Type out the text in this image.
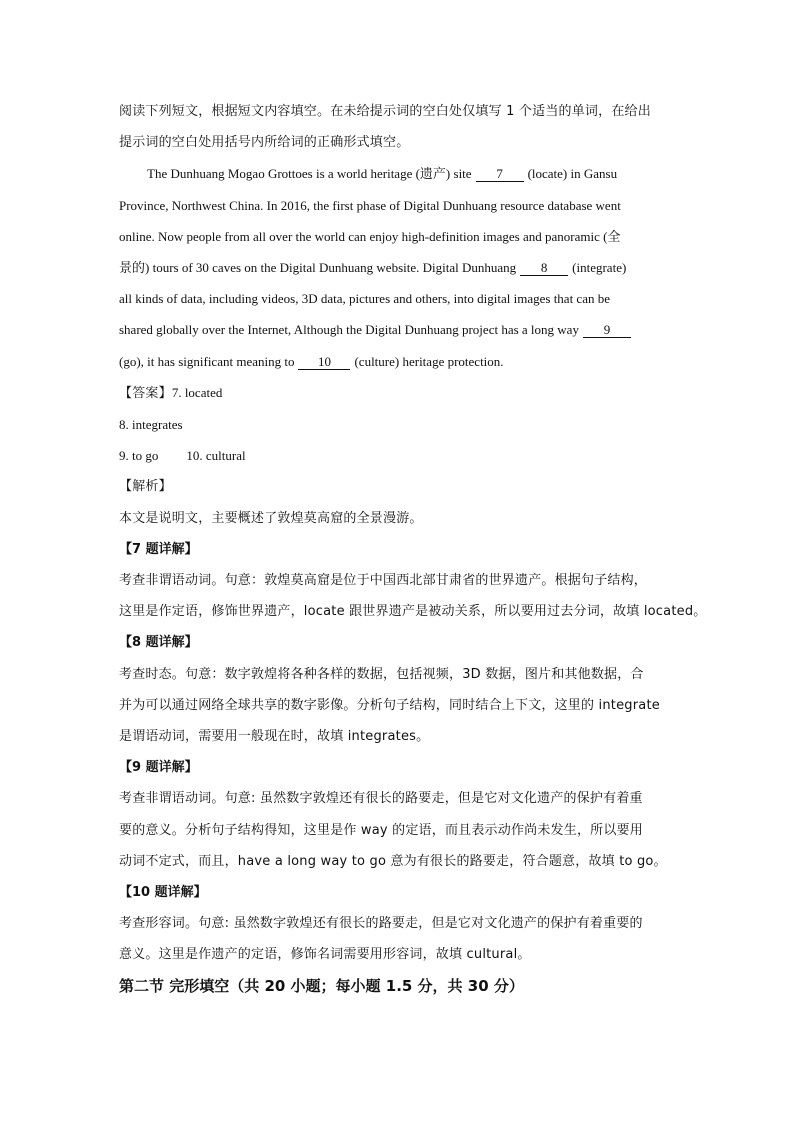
阅读下列短文，根据短文内容填空。在未给提示词的空白处仅填写 1 个适当的单词，在给出
提示词的空白处用括号内所给词的正确形式填空。
The Dunhuang Mogao Grottoes is a world heritage (遗产) site 7 (locate) in Gansu
Province, Northwest China. In 2016, the first phase of Digital Dunhuang resource database went
online. Now people from all over the world can enjoy high-definition images and panoramic (全
景的) tours of 30 caves on the Digital Dunhuang website. Digital Dunhuang 8 (integrate)
all kinds of data, including videos, 3D data, pictures and others, into digital images that can be
shared globally over the Internet, Although the Digital Dunhuang project has a long way 9
(go), it has significant meaning to 10 (culture) heritage protection.
【答案】7. located
8. integrates
9. to go 10. cultural
【解析】
本文是说明文，主要概述了敦煌莫高窟的全景漫游。
【7 题详解】
考查非谓语动词。句意：敦煌莫高窟是位于中国西北部甘肃省的世界遗产。根据句子结构，
这里是作定语，修饰世界遗产，locate 跟世界遗产是被动关系，所以要用过去分词，故填 located。
【8 题详解】
考查时态。句意：数字敦煌将各种各样的数据，包括视频，3D 数据，图片和其他数据，合
并为可以通过网络全球共享的数字影像。分析句子结构，同时结合上下文，这里的 integrate
是谓语动词，需要用一般现在时，故填 integrates。
【9 题详解】
考查非谓语动词。句意: 虽然数字敦煌还有很长的路要走，但是它对文化遗产的保护有着重
要的意义。分析句子结构得知，这里是作 way 的定语，而且表示动作尚未发生，所以要用
动词不定式，而且，have a long way to go 意为有很长的路要走，符合题意，故填 to go。
【10 题详解】
考查形容词。句意: 虽然数字敦煌还有很长的路要走，但是它对文化遗产的保护有着重要的
意义。这里是作遗产的定语，修饰名词需要用形容词，故填 cultural。
第二节 完形填空（共 20 小题；每小题 1.5 分，共 30 分）
